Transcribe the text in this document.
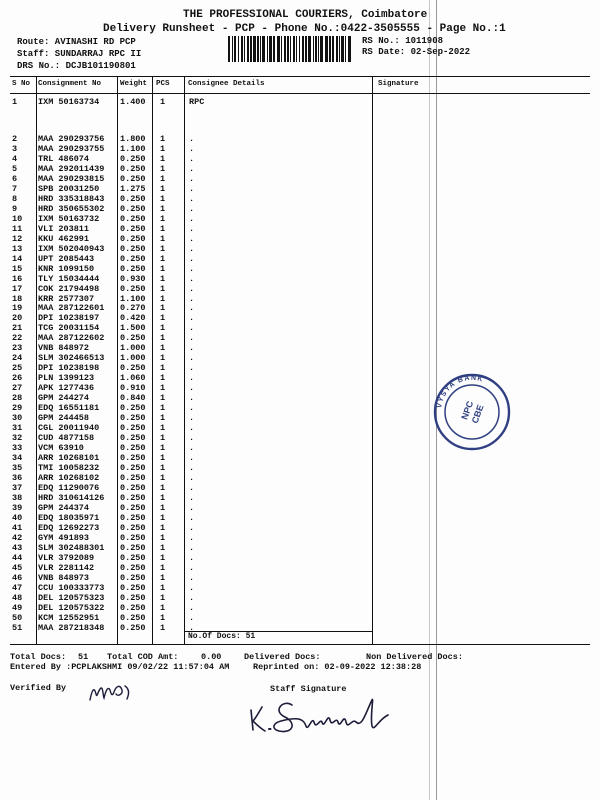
THE PROFESSIONAL COURIERS, Coimbatore
Delivery Runsheet - PCP - Phone No.:0422-3505555 - Page No.:1
Route: AVINASHI RD PCP
Staff: SUNDARRAJ RPC II
DRS No.: DCJB101190801
RS No.: 1011908
RS Date: 02-Sep-2022
S No Consignment No	Weight PCS Consignee Details	Signature
1 IXM 50163734 1.400 1	RPC
2 MAA 290293756 1.800 1	.
3 MAA 290293755 1.100 1	.
4 TRL 486074	0.250 1	.
5 MAA 292011439 0.250 1	.
6 MAA 290293815 0.250 1	.
7 SPB 20031250 1.275 1	.
8 HRD 335318843 0.250 1	.
9 HRD 350655302 0.250 1	.
10 IXM 50163732 0.250 1	.
11 VLI 203811	0.250 1	.
12 KKU 462991	0.250 1	.
13 IXM 502040943 0.250 1	.
14 UPT 2085443	0.250 1	.
15 KNR 1099150	0.250 1	.
16 TLY 15034444 0.930 1	.
17 COK 21794498 0.250 1	.
18 KRR 2577307	1.100 1	.
19 MAA 287122601 0.270 1	.
20 DPI 10238197 0.420 1	.
21 TCG 20031154 1.500 1	.
22 MAA 287122602 0.250 1	.
23 VNB 848972	1.000 1	.
24 SLM 302466513 1.000 1	.
25 DPI 10238198 0.250 1	.
26 PLN 1399123	1.060 1	.
27 APK 1277436	0.910 1	.
28 GPM 244274	0.840 1	.
29 EDQ 16551181 0.250 1	.
30 GPM 244458	0.250 1	.
31 CGL 20011940 0.250 1	.
32 CUD 4877158	0.250 1	.
33 VCM 63910	0.250 1	.
34 ARR 10268101 0.250 1	.
35 TMI 10058232 0.250 1	.
36 ARR 10268102 0.250 1	.
37 EDQ 11290076 0.250 1	.
38 HRD 310614126 0.250 1	.
39 GPM 244374	0.250 1	.
40 EDQ 18035971 0.250 1	.
41 EDQ 12692273 0.250 1	.
42 GYM 491893	0.250 1	.
43 SLM 302488301 0.250 1	.
44 VLR 3792089	0.250 1	.
45 VLR 2281142	0.250 1	.
46 VNB 848973	0.250 1	.
47 CCU 100333773 0.250 1	.
48 DEL 120575323 0.250 1	.
49 DEL 120575322 0.250 1	.
50 KCM 12552951 0.250 1	.
51 MAA 287218348 0.250 1	.
No.Of Docs: 51
Total Docs: 51 Total COD Amt:	0.00	Delivered Docs:	Non Delivered Docs:
Entered By :PCPLAKSHMI 09/02/22 11:57:04 AM	Reprinted on: 02-09-2022 12:38:28
Verified By	Staff Signature
VYSYA BANK
NPC
CBE
